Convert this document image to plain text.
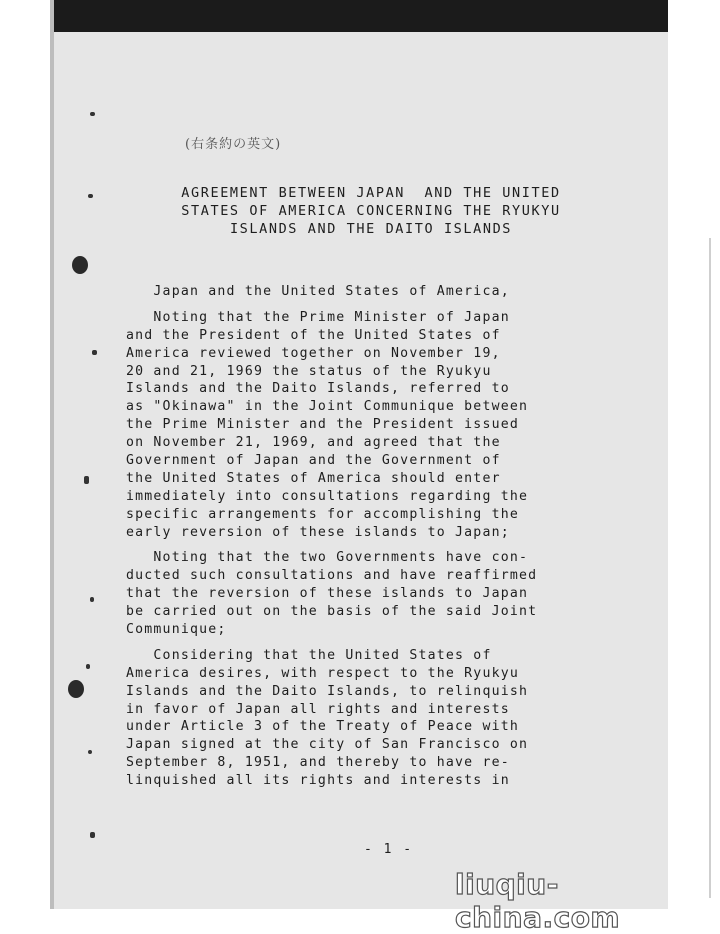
(右条約の英文)
AGREEMENT BETWEEN JAPAN  AND THE UNITED
STATES OF AMERICA CONCERNING THE RYUKYU
ISLANDS AND THE DAITO ISLANDS
Japan and the United States of America,
Noting that the Prime Minister of Japan
and the President of the United States of
America reviewed together on November 19,
20 and 21, 1969 the status of the Ryukyu
Islands and the Daito Islands, referred to
as "Okinawa" in the Joint Communique between
the Prime Minister and the President issued
on November 21, 1969, and agreed that the
Government of Japan and the Government of
the United States of America should enter
immediately into consultations regarding the
specific arrangements for accomplishing the
early reversion of these islands to Japan;
Noting that the two Governments have con-
ducted such consultations and have reaffirmed
that the reversion of these islands to Japan
be carried out on the basis of the said Joint
Communique;
Considering that the United States of
America desires, with respect to the Ryukyu
Islands and the Daito Islands, to relinquish
in favor of Japan all rights and interests
under Article 3 of the Treaty of Peace with
Japan signed at the city of San Francisco on
September 8, 1951, and thereby to have re-
linquished all its rights and interests in
- 1 -
liuqiu-china.com
